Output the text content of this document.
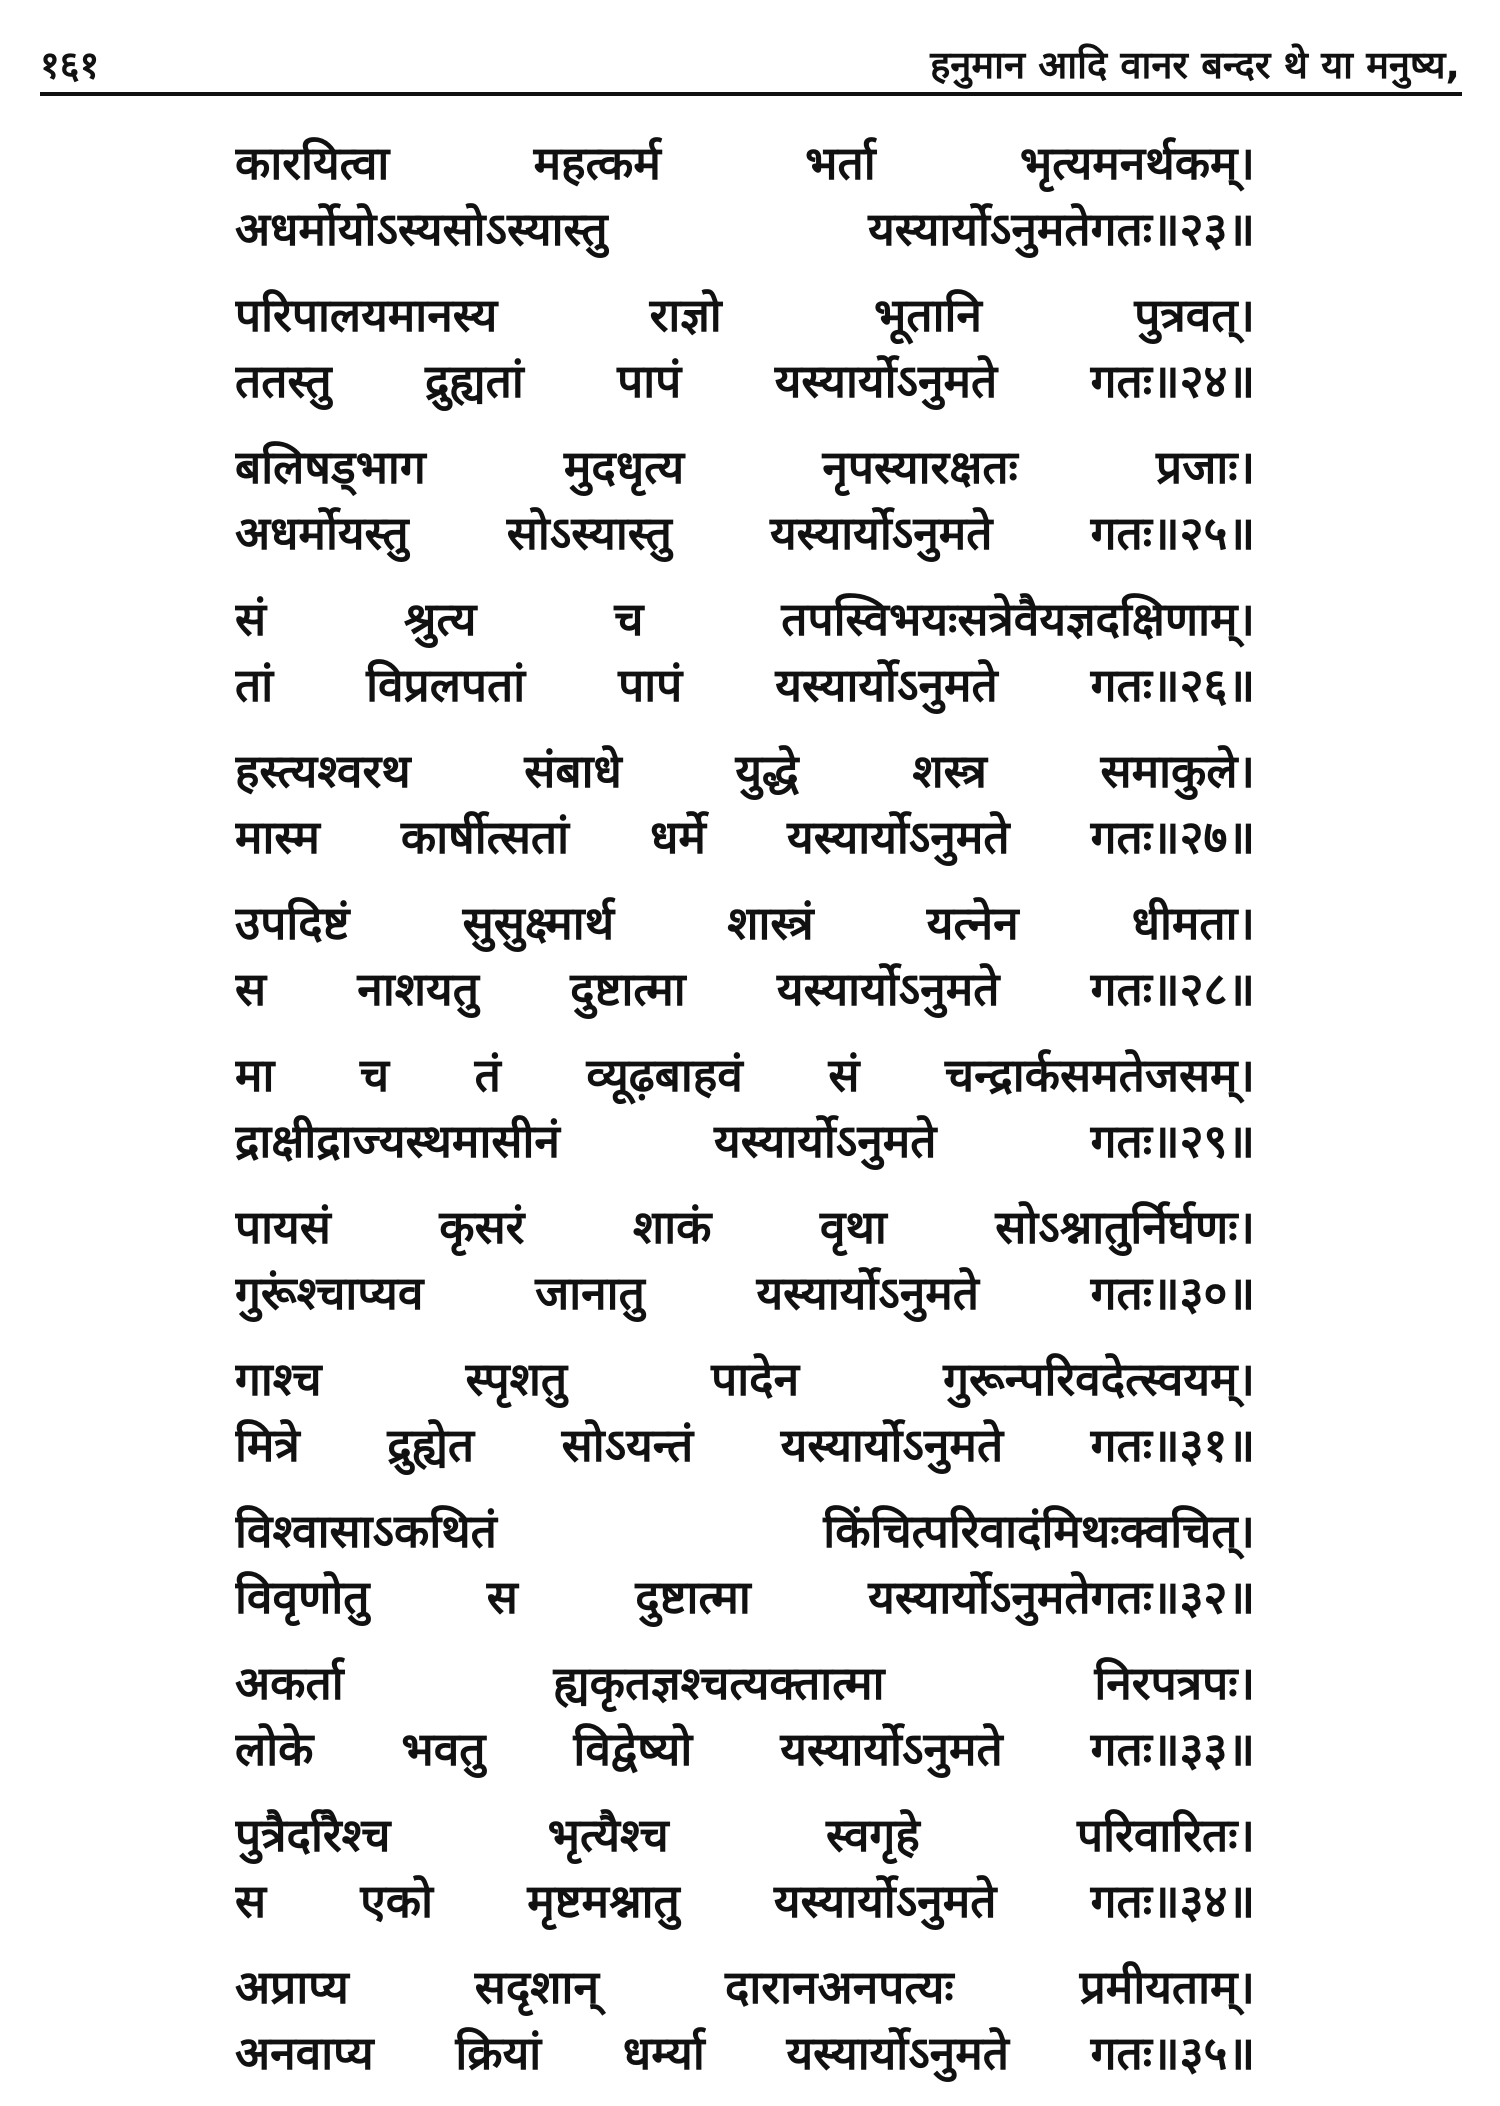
१६१	हनुमान आदि वानर बन्दर थे या मनुष्य,
कारयित्वा महत्कर्म भर्ता भृत्यमनर्थकम्।
अधर्मोयोऽस्यसोऽस्यास्तु यस्यार्योऽनुमतेगतः॥२३॥
परिपालयमानस्य राज्ञो भूतानि पुत्रवत्।
ततस्तु द्रुह्यतां पापं यस्यार्योऽनुमते गतः॥२४॥
बलिषड्भाग मुदधृत्य नृपस्यारक्षतः प्रजाः।
अधर्मोयस्तु सोऽस्यास्तु यस्यार्योऽनुमते गतः॥२५॥
सं श्रुत्य च तपस्विभयःसत्रेवैयज्ञदक्षिणाम्।
तां विप्रलपतां पापं यस्यार्योऽनुमते गतः॥२६॥
हस्त्यश्वरथ संबाधे युद्धे शस्त्र समाकुले।
मास्म कार्षीत्सतां धर्मे यस्यार्योऽनुमते गतः॥२७॥
उपदिष्टं सुसुक्ष्मार्थ शास्त्रं यत्नेन धीमता।
स नाशयतु दुष्टात्मा यस्यार्योऽनुमते गतः॥२८॥
मा च तं व्यूढ़बाहवं सं चन्द्रार्कसमतेजसम्।
द्राक्षीद्राज्यस्थमासीनं यस्यार्योऽनुमते गतः॥२९॥
पायसं कृसरं शाकं वृथा सोऽश्नातुर्निर्घणः।
गुरूंश्चाप्यव जानातु यस्यार्योऽनुमते गतः॥३०॥
गाश्च स्पृशतु पादेन गुरून्परिवदेत्स्वयम्।
मित्रे द्रुह्येत सोऽयन्तं यस्यार्योऽनुमते गतः॥३१॥
विश्वासाऽकथितं किंचित्परिवादंमिथःक्वचित्।
विवृणोतु स दुष्टात्मा यस्यार्योऽनुमतेगतः॥३२॥
अकर्ता ह्यकृतज्ञश्चत्यक्तात्मा निरपत्रपः।
लोके भवतु विद्वेष्यो यस्यार्योऽनुमते गतः॥३३॥
पुत्रैर्दारैश्च भृत्यैश्च स्वगृहे परिवारितः।
स एको मृष्टमश्नातु यस्यार्योऽनुमते गतः॥३४॥
अप्राप्य सदृशान् दारानअनपत्यः प्रमीयताम्।
अनवाप्य क्रियां धर्म्या यस्यार्योऽनुमते गतः॥३५॥
